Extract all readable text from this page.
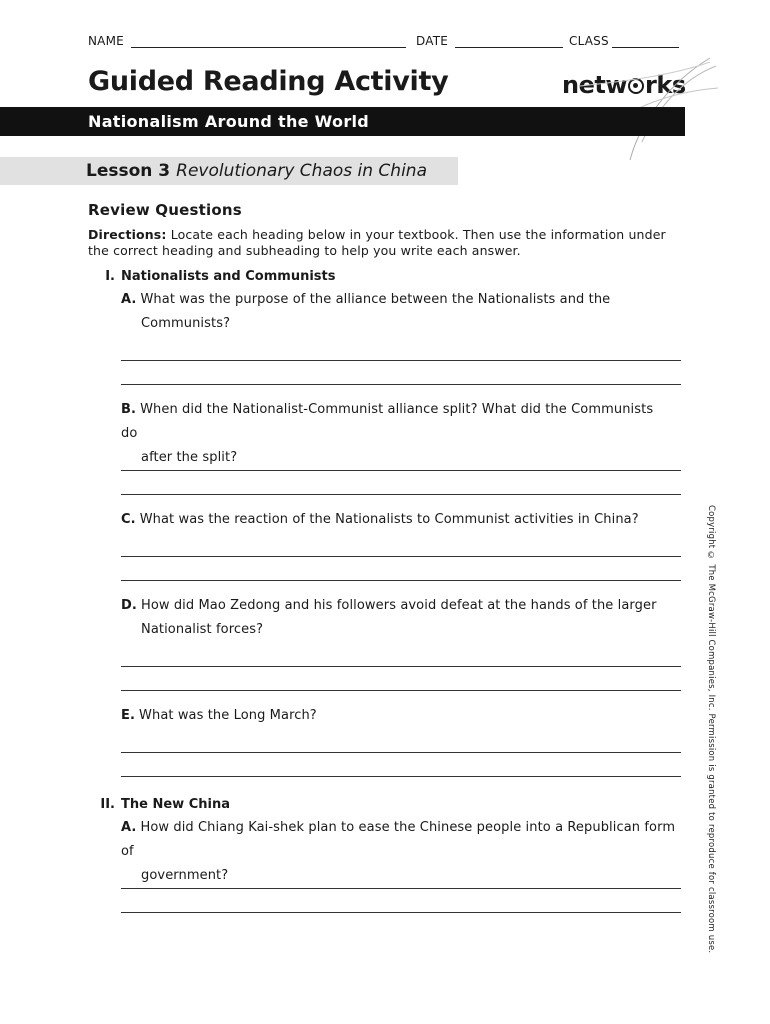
NAME	DATE	CLASS
Guided Reading Activity	netw rks
Nationalism Around the World
Lesson 3 Revolutionary Chaos in China
Review Questions
Directions: Locate each heading below in your textbook. Then use the information under the correct heading and subheading to help you write each answer.
I. Nationalists and Communists
A. What was the purpose of the alliance between the Nationalists and the
Communists?
B. When did the Nationalist-Communist alliance split? What did the Communists do
after the split?
C. What was the reaction of the Nationalists to Communist activities in China?
D. How did Mao Zedong and his followers avoid defeat at the hands of the larger
Nationalist forces?
E. What was the Long March?
II. The New China
A. How did Chiang Kai-shek plan to ease the Chinese people into a Republican form of
government?	Copyright © The McGraw-Hill Companies, Inc. Permission is granted to reproduce for classroom use.
